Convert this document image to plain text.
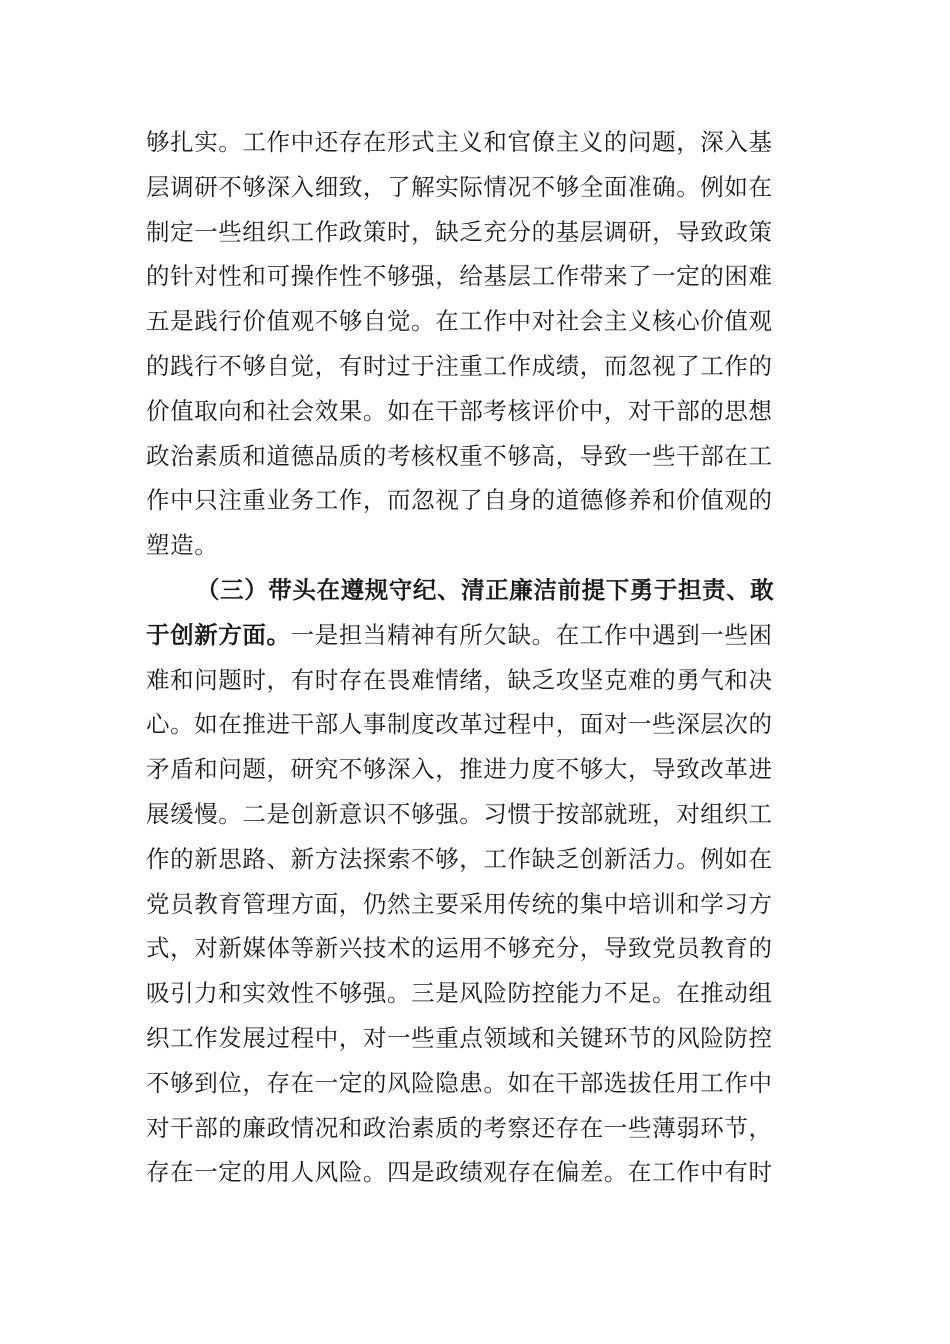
够扎实。工作中还存在形式主义和官僚主义的问题，深入基
层调研不够深入细致，了解实际情况不够全面准确。例如在
制定一些组织工作政策时，缺乏充分的基层调研，导致政策
的针对性和可操作性不够强，给基层工作带来了一定的困难
五是践行价值观不够自觉。在工作中对社会主义核心价值观
的践行不够自觉，有时过于注重工作成绩，而忽视了工作的
价值取向和社会效果。如在干部考核评价中，对干部的思想
政治素质和道德品质的考核权重不够高，导致一些干部在工
作中只注重业务工作，而忽视了自身的道德修养和价值观的
塑造。
（三）带头在遵规守纪、清正廉洁前提下勇于担责、敢
于创新方面。一是担当精神有所欠缺。在工作中遇到一些困
难和问题时，有时存在畏难情绪，缺乏攻坚克难的勇气和决
心。如在推进干部人事制度改革过程中，面对一些深层次的
矛盾和问题，研究不够深入，推进力度不够大，导致改革进
展缓慢。二是创新意识不够强。习惯于按部就班，对组织工
作的新思路、新方法探索不够，工作缺乏创新活力。例如在
党员教育管理方面，仍然主要采用传统的集中培训和学习方
式，对新媒体等新兴技术的运用不够充分，导致党员教育的
吸引力和实效性不够强。三是风险防控能力不足。在推动组
织工作发展过程中，对一些重点领域和关键环节的风险防控
不够到位，存在一定的风险隐患。如在干部选拔任用工作中
对干部的廉政情况和政治素质的考察还存在一些薄弱环节，
存在一定的用人风险。四是政绩观存在偏差。在工作中有时
